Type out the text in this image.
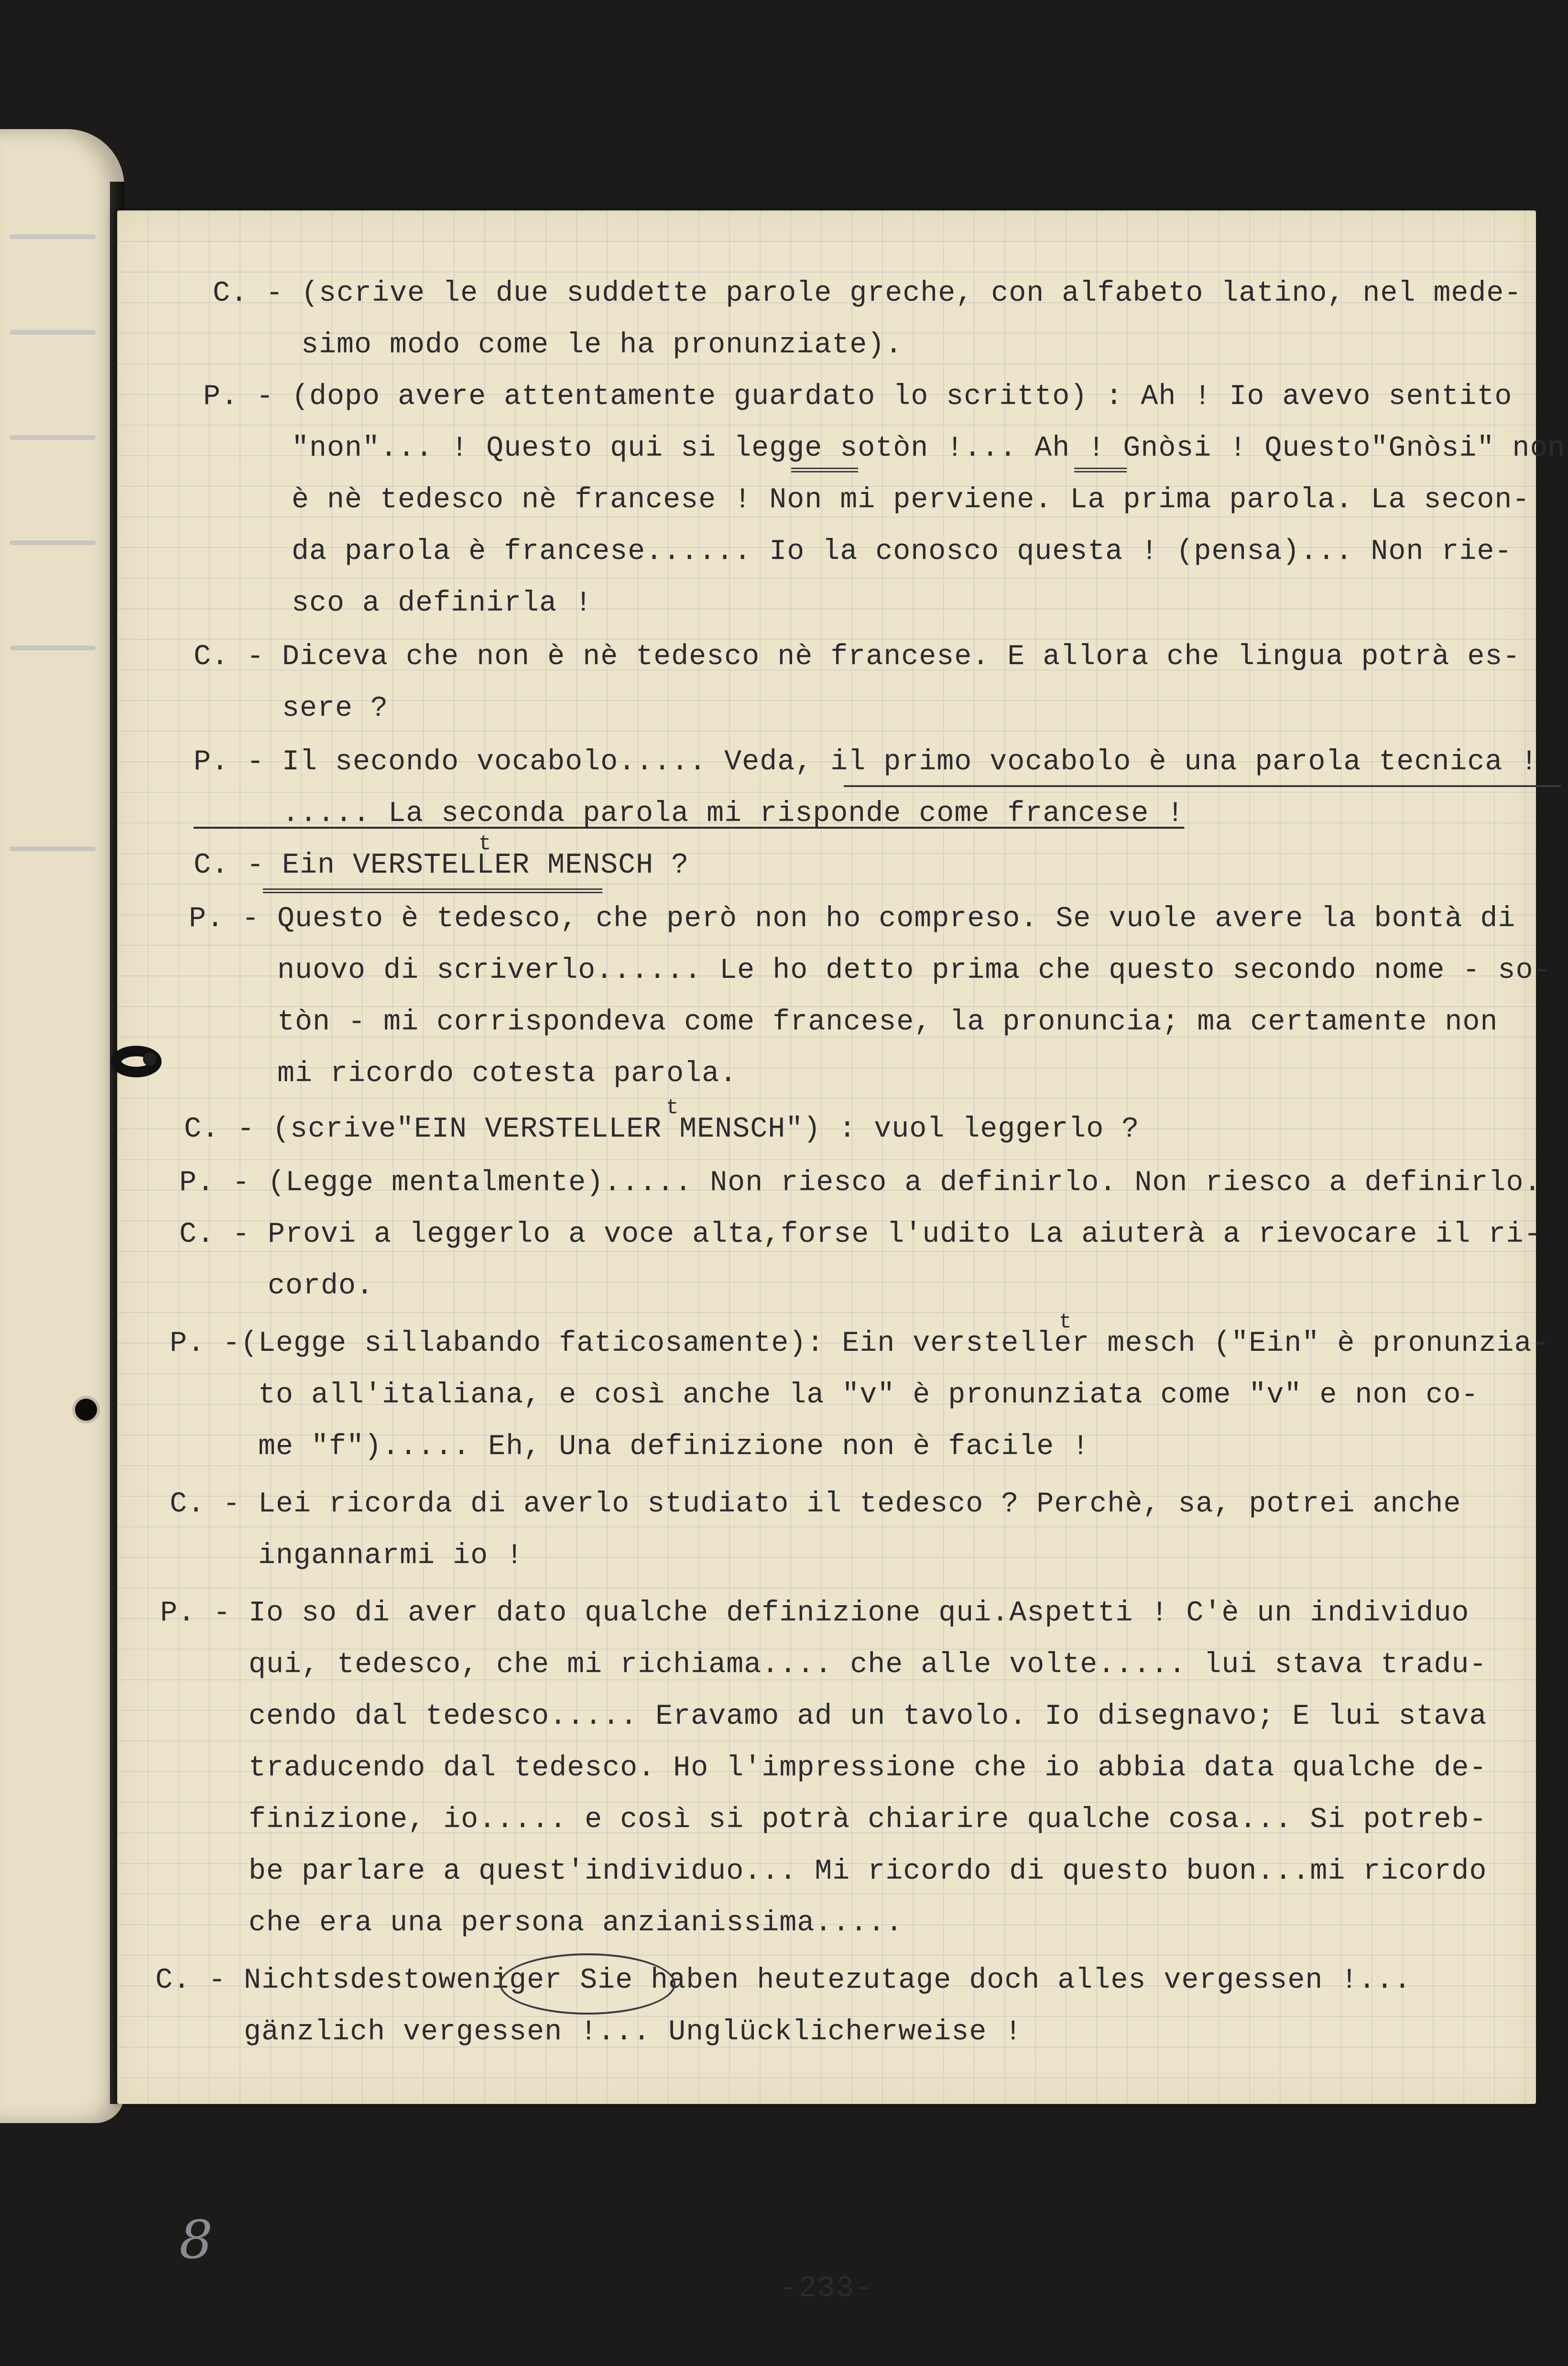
C. - (scrive le due suddette parole greche, con alfabeto latino, nel mede-
simo modo come le ha pronunziate).
P. - (dopo avere attentamente guardato lo scritto) : Ah ! Io avevo sentito
"non"... ! Questo qui si legge sotòn !... Ah ! Gnòsi ! Questo"Gnòsi" non
è nè tedesco nè francese ! Non mi perviene. La prima parola. La secon-
da parola è francese...... Io la conosco questa ! (pensa)... Non rie-
sco a definirla !
C. - Diceva che non è nè tedesco nè francese. E allora che lingua potrà es-
sere ?
P. - Il secondo vocabolo..... Veda, il primo vocabolo è una parola tecnica !
..... La seconda parola mi risponde come francese !
C. - Ein VERSTELLER MENSCH ?
P. - Questo è tedesco, che però non ho compreso. Se vuole avere la bontà di
nuovo di scriverlo...... Le ho detto prima che questo secondo nome - so-
tòn - mi corrispondeva come francese, la pronuncia; ma certamente non
mi ricordo cotesta parola.
C. - (scrive"EIN VERSTELLER MENSCH") : vuol leggerlo ?
P. - (Legge mentalmente)..... Non riesco a definirlo. Non riesco a definirlo.
C. - Provi a leggerlo a voce alta,forse l'udito La aiuterà a rievocare il ri-
cordo.
P. -(Legge sillabando faticosamente): Ein versteller mesch ("Ein" è pronunzia-
to all'italiana, e così anche la "v" è pronunziata come "v" e non co-
me "f")..... Eh, Una definizione non è facile !
C. - Lei ricorda di averlo studiato il tedesco ? Perchè, sa, potrei anche
ingannarmi io !
P. - Io so di aver dato qualche definizione qui.Aspetti ! C'è un individuo
qui, tedesco, che mi richiama.... che alle volte..... lui stava tradu-
cendo dal tedesco..... Eravamo ad un tavolo. Io disegnavo; E lui stava
traducendo dal tedesco. Ho l'impressione che io abbia data qualche de-
finizione, io..... e così si potrà chiarire qualche cosa... Si potreb-
be parlare a quest'individuo... Mi ricordo di questo buon...mi ricordo
che era una persona anzianissima.....
C. - Nichtsdestoweniger Sie haben heutezutage doch alles vergessen !...
gänzlich vergessen !... Unglücklicherweise !
t
t
t
8
-233-
